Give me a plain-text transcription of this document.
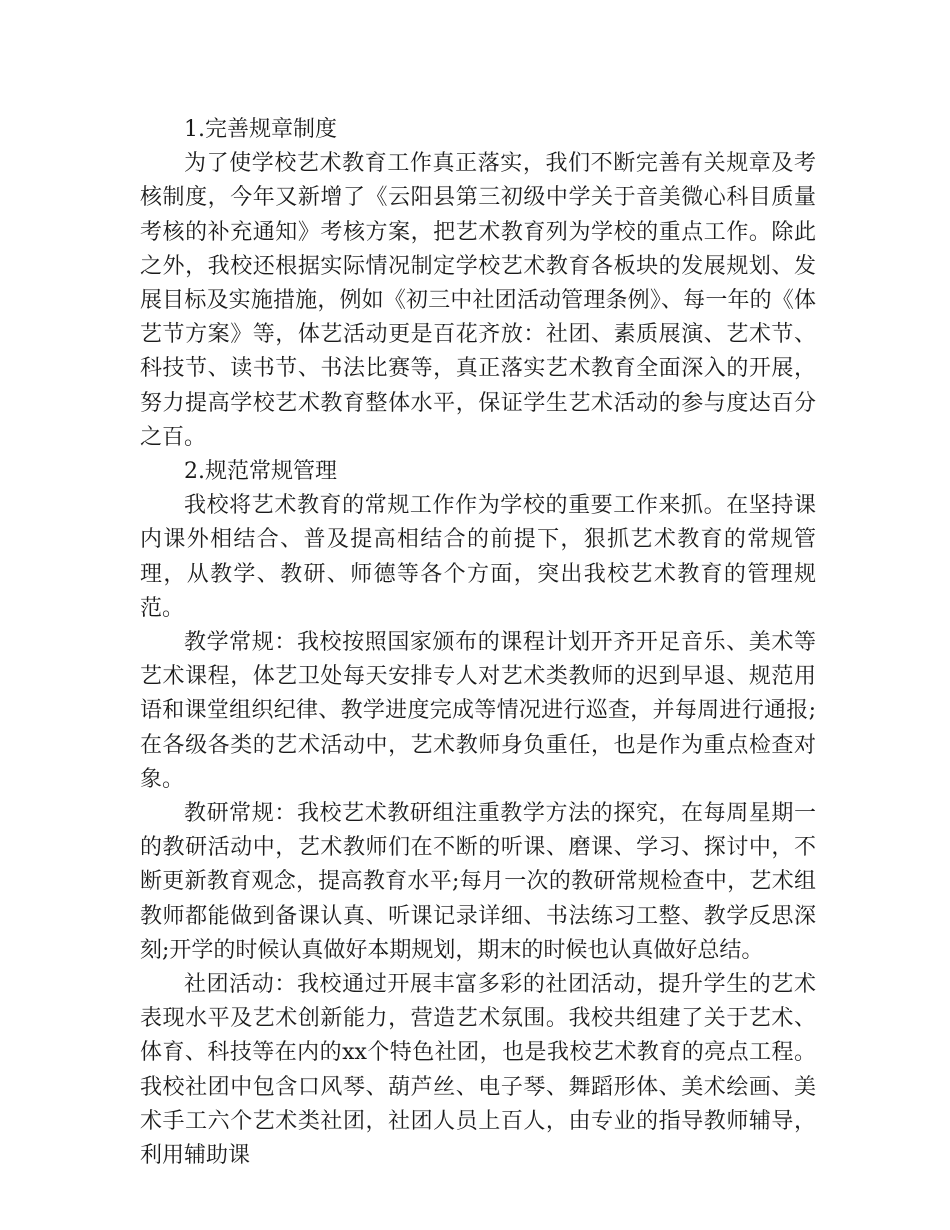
1.完善规章制度

为了使学校艺术教育工作真正落实，我们不断完善有关规章及考核制度，今年又新增了《云阳县第三初级中学关于音美微心科目质量考核的补充通知》考核方案，把艺术教育列为学校的重点工作。除此之外，我校还根据实际情况制定学校艺术教育各板块的发展规划、发展目标及实施措施，例如《初三中社团活动管理条例》、每一年的《体艺节方案》等，体艺活动更是百花齐放：社团、素质展演、艺术节、科技节、读书节、书法比赛等，真正落实艺术教育全面深入的开展，努力提高学校艺术教育整体水平，保证学生艺术活动的参与度达百分之百。

2.规范常规管理

我校将艺术教育的常规工作作为学校的重要工作来抓。在坚持课内课外相结合、普及提高相结合的前提下，狠抓艺术教育的常规管理，从教学、教研、师德等各个方面，突出我校艺术教育的管理规范。

教学常规：我校按照国家颁布的课程计划开齐开足音乐、美术等艺术课程，体艺卫处每天安排专人对艺术类教师的迟到早退、规范用语和课堂组织纪律、教学进度完成等情况进行巡查，并每周进行通报;在各级各类的艺术活动中，艺术教师身负重任，也是作为重点检查对象。

教研常规：我校艺术教研组注重教学方法的探究，在每周星期一的教研活动中，艺术教师们在不断的听课、磨课、学习、探讨中，不断更新教育观念，提高教育水平;每月一次的教研常规检查中，艺术组教师都能做到备课认真、听课记录详细、书法练习工整、教学反思深刻;开学的时候认真做好本期规划，期末的时候也认真做好总结。

社团活动：我校通过开展丰富多彩的社团活动，提升学生的艺术表现水平及艺术创新能力，营造艺术氛围。我校共组建了关于艺术、体育、科技等在内的xx个特色社团，也是我校艺术教育的亮点工程。我校社团中包含口风琴、葫芦丝、电子琴、舞蹈形体、美术绘画、美术手工六个艺术类社团，社团人员上百人，由专业的指导教师辅导，利用辅助课
